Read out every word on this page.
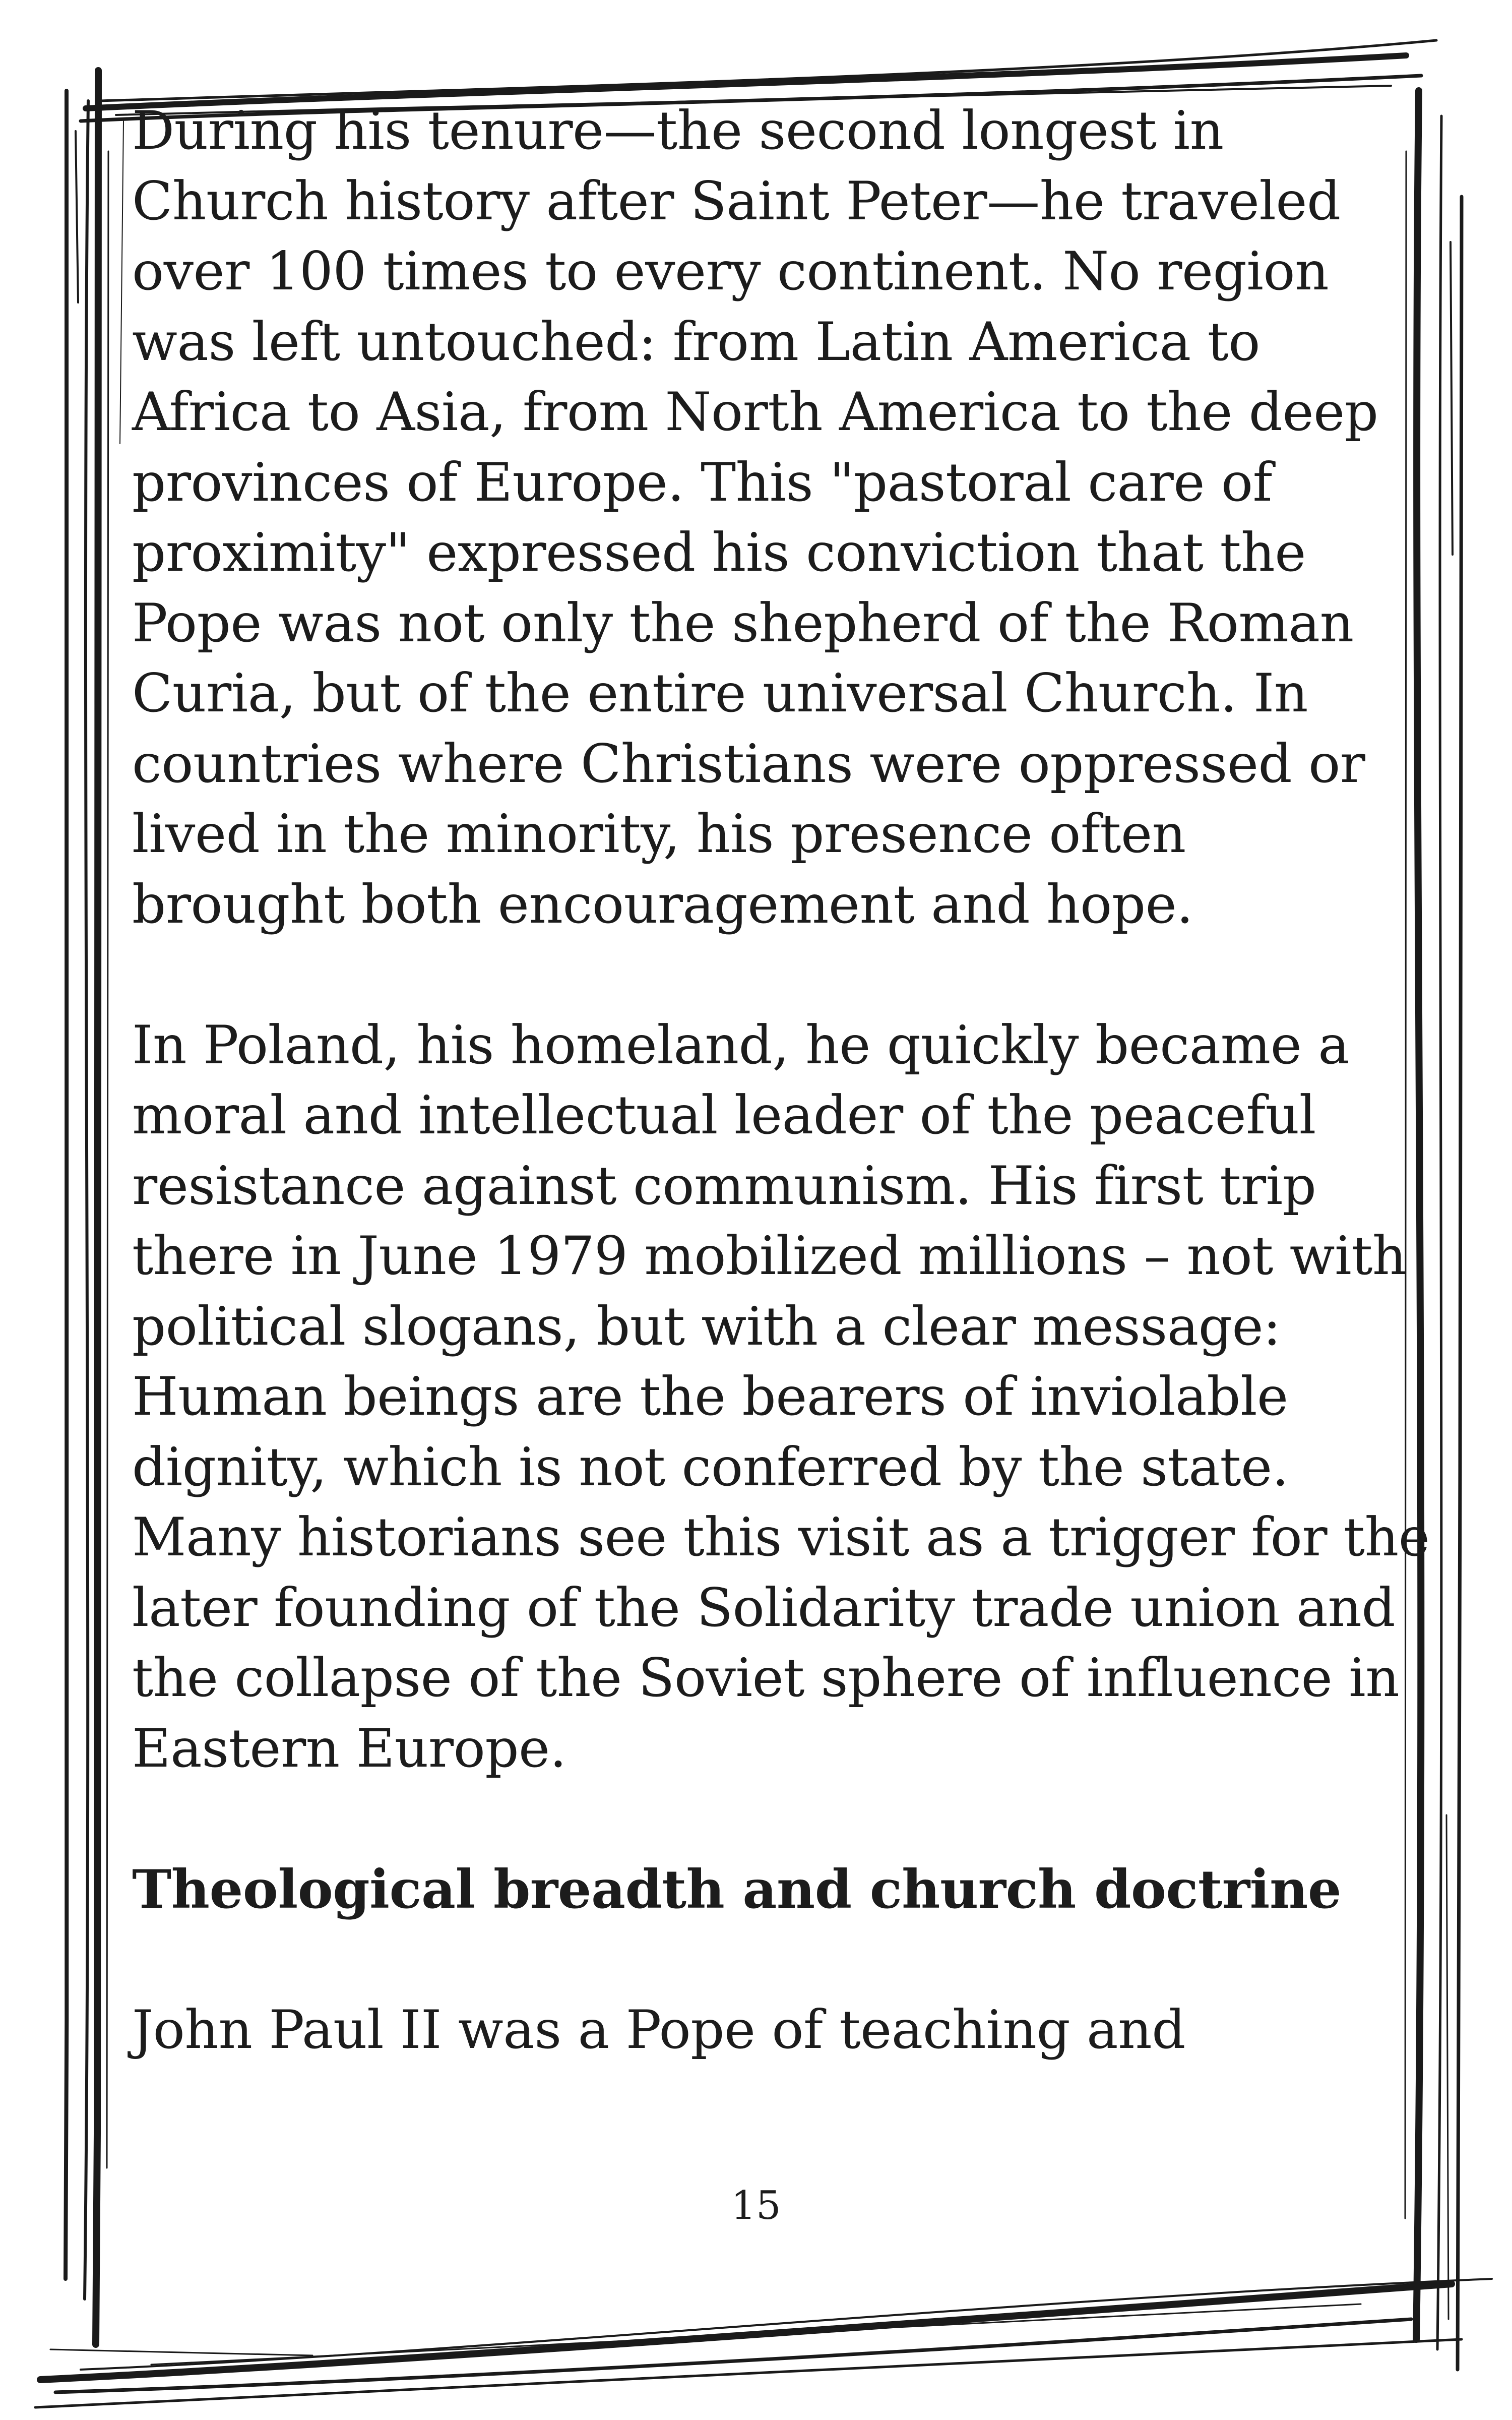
During his tenure—the second longest in
Church history after Saint Peter—he traveled
over 100 times to every continent. No region
was left untouched: from Latin America to
Africa to Asia, from North America to the deep
provinces of Europe. This "pastoral care of
proximity" expressed his conviction that the
Pope was not only the shepherd of the Roman
Curia, but of the entire universal Church. In
countries where Christians were oppressed or
lived in the minority, his presence often
brought both encouragement and hope.
In Poland, his homeland, he quickly became a
moral and intellectual leader of the peaceful
resistance against communism. His first trip
there in June 1979 mobilized millions – not with
political slogans, but with a clear message:
Human beings are the bearers of inviolable
dignity, which is not conferred by the state.
Many historians see this visit as a trigger for the
later founding of the Solidarity trade union and
the collapse of the Soviet sphere of influence in
Eastern Europe.
Theological breadth and church doctrine
John Paul II was a Pope of teaching and
15
